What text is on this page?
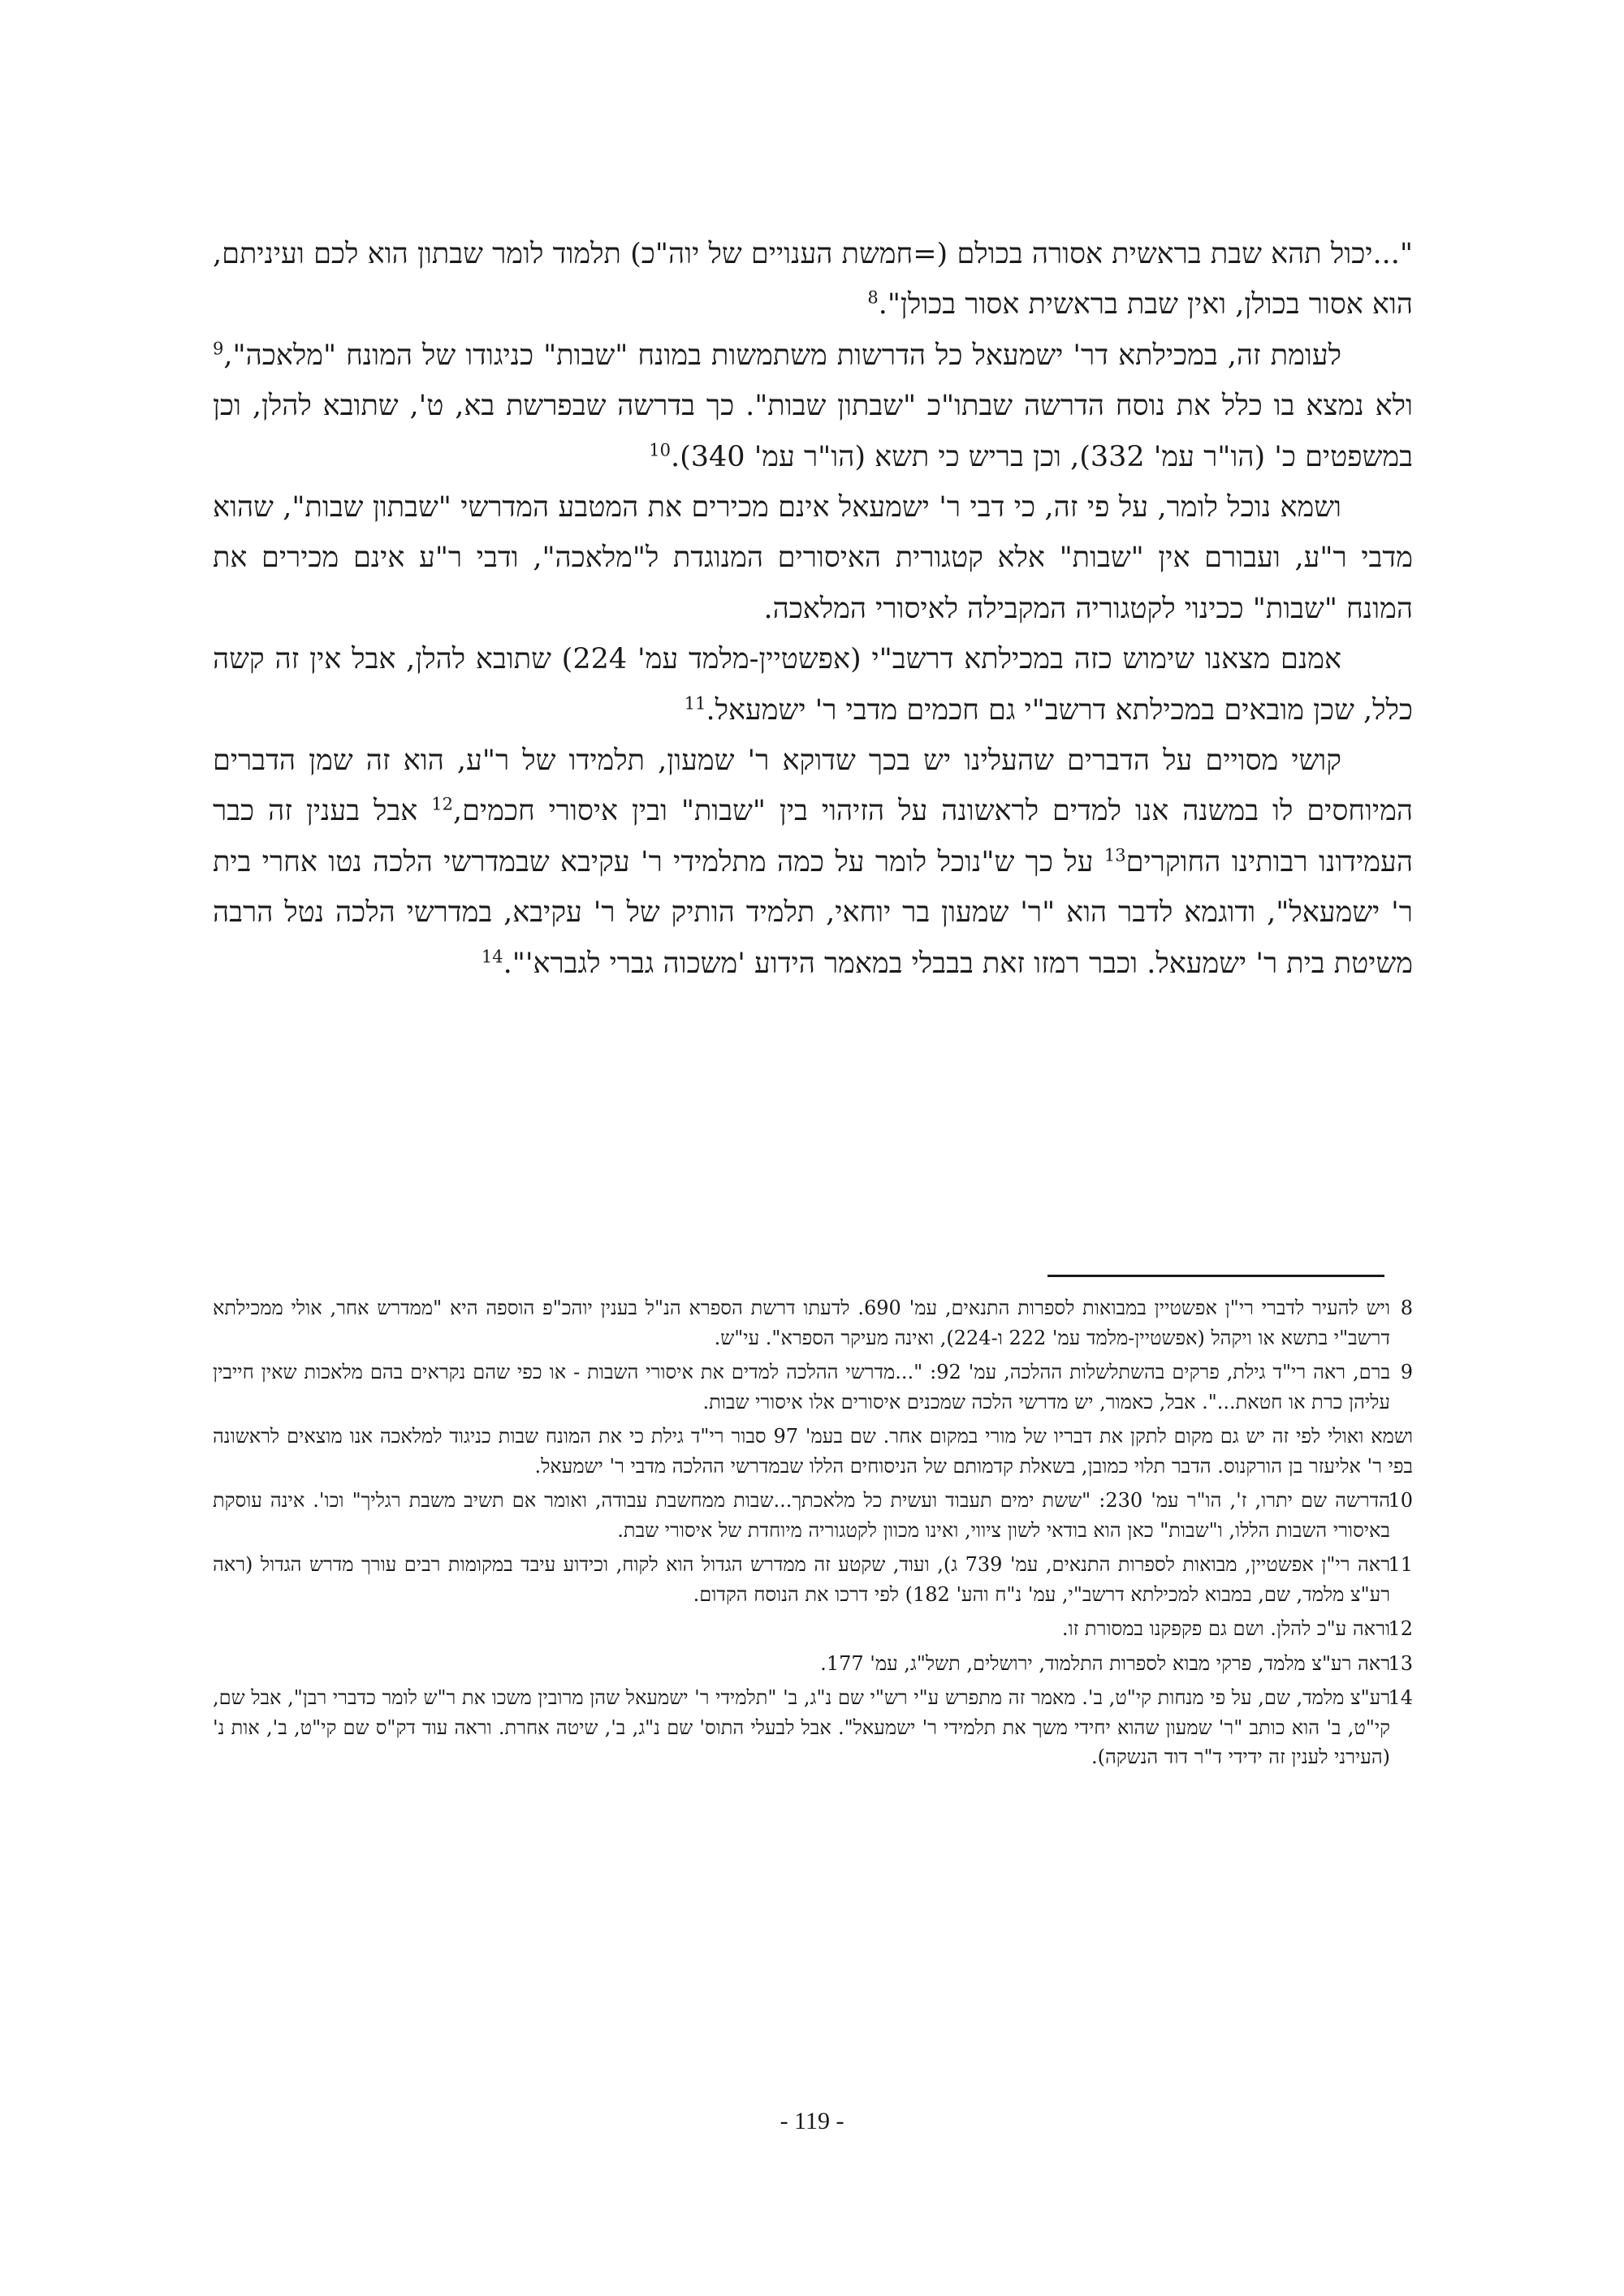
"...יכול תהא שבת בראשית אסורה בכולם (=חמשת הענויים של יוה"כ) תלמוד לומר שבתון הוא לכם ועיניתם, הוא אסור בכולן, ואין שבת בראשית אסור בכולן".$^8$

לעומת זה, במכילתא דר' ישמעאל כל הדרשות משתמשות במונח "שבות" כניגודו של המונח "מלאכה",$^9$ ולא נמצא בו כלל את נוסח הדרשה שבתו"כ "שבתון שבות". כך בדרשה שבפרשת בא, ט', שתובא להלן, וכן במשפטים כ' (הו"ר עמ' 332), וכן בריש כי תשא (הו"ר עמ' 340).$^{10}$

ושמא נוכל לומר, על פי זה, כי דבי ר' ישמעאל אינם מכירים את המטבע המדרשי "שבתון שבות", שהוא מדבי ר"ע, ועבורם אין "שבות" אלא קטגורית האיסורים המנוגדת ל"מלאכה", ודבי ר"ע אינם מכירים את המונח "שבות" ככינוי לקטגוריה המקבילה לאיסורי המלאכה.

אמנם מצאנו שימוש כזה במכילתא דרשב"י (אפשטיין-מלמד עמ' 224) שתובא להלן, אבל אין זה קשה כלל, שכן מובאים במכילתא דרשב"י גם חכמים מדבי ר' ישמעאל.$^{11}$

קושי מסויים על הדברים שהעלינו יש בכך שדוקא ר' שמעון, תלמידו של ר"ע, הוא זה שמן הדברים המיוחסים לו במשנה אנו למדים לראשונה על הזיהוי בין "שבות" ובין איסורי חכמים,$^{12}$ אבל בענין זה כבר העמידונו רבותינו החוקרים$^{13}$ על כך ש"נוכל לומר על כמה מתלמידי ר' עקיבא שבמדרשי הלכה נטו אחרי בית ר' ישמעאל", ודוגמא לדבר הוא "ר' שמעון בר יוחאי, תלמיד הותיק של ר' עקיבא, במדרשי הלכה נטל הרבה משיטת בית ר' ישמעאל. וכבר רמזו זאת בבבלי במאמר הידוע 'משכוה גברי לגברא'".$^{14}$

8
ויש להעיר לדברי רי"ן אפשטיין במבואות לספרות התנאים, עמ' 690. לדעתו דרשת הספרא הנ"ל בענין יוהכ"פ הוספה היא "ממדרש אחר, אולי ממכילתא דרשב"י בתשא או ויקהל (אפשטיין-מלמד עמ' 222 ו-224), ואינה מעיקר הספרא". עי"ש.
9
ברם, ראה רי"ד גילת, פרקים בהשתלשלות ההלכה, עמ' 92: "...מדרשי ההלכה למדים את איסורי השבות - או כפי שהם נקראים בהם מלאכות שאין חייבין עליהן כרת או חטאת...". אבל, כאמור, יש מדרשי הלכה שמכנים איסורים אלו איסורי שבות.
ושמא ואולי לפי זה יש גם מקום לתקן את דבריו של מורי במקום אחר. שם בעמ' 97 סבור רי"ד גילת כי את המונח שבות כניגוד למלאכה אנו מוצאים לראשונה בפי ר' אליעזר בן הורקנוס. הדבר תלוי כמובן, בשאלת קדמותם של הניסוחים הללו שבמדרשי ההלכה מדבי ר' ישמעאל.
10
הדרשה שם יתרו, ז', הו"ר עמ' 230: "ששת ימים תעבוד ועשית כל מלאכתך...שבות ממחשבת עבודה, ואומר אם תשיב משבת רגליך" וכו'. אינה עוסקת באיסורי השבות הללו, ו"שבות" כאן הוא בודאי לשון ציווי, ואינו מכוון לקטגוריה מיוחדת של איסורי שבת.
11
ראה רי"ן אפשטיין, מבואות לספרות התנאים, עמ' 739 ג), ועוד, שקטע זה ממדרש הגדול הוא לקוח, וכידוע עיבד במקומות רבים עורך מדרש הגדול (ראה רע"צ מלמד, שם, במבוא למכילתא דרשב"י, עמ' נ"ח והע' 182) לפי דרכו את הנוסח הקדום.
12
וראה ע"כ להלן. ושם גם פקפקנו במסורת זו.
13
ראה רע"צ מלמד, פרקי מבוא לספרות התלמוד, ירושלים, תשל"ג, עמ' 177.
14
רע"צ מלמד, שם, על פי מנחות קי"ט, ב'. מאמר זה מתפרש ע"י רש"י שם נ"ג, ב' "תלמידי ר' ישמעאל שהן מרובין משכו את ר"ש לומר כדברי רבן", אבל שם, קי"ט, ב' הוא כותב "ר' שמעון שהוא יחידי משך את תלמידי ר' ישמעאל". אבל לבעלי התוס' שם נ"ג, ב', שיטה אחרת. וראה עוד דק"ס שם קי"ט, ב', אות נ' (העירני לענין זה ידידי ד"ר דוד הנשקה).
- 119 -
